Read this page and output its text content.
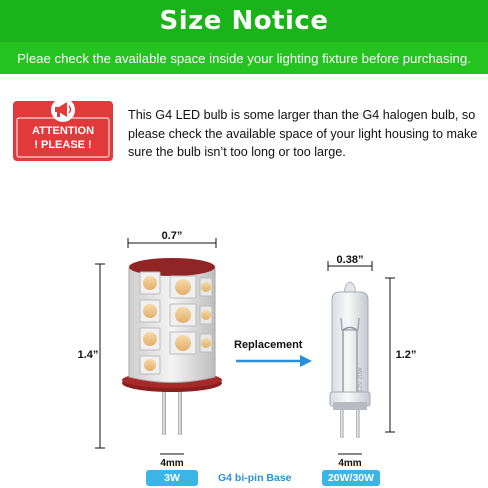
Size Notice

Pleae check the available space inside your lighting fixture before purchasing.

ATTENTION
! PLEASE !
This G4 LED bulb is some larger than the G4 halogen bulb, so please check the available space of your light housing to make sure the bulb isn’t too long or too large.
0.7”
1.4”
4mm
Replacement
0.38”
1.2”
12V 20W
4mm
3W	G4 bi-pin Base	20W/30W
